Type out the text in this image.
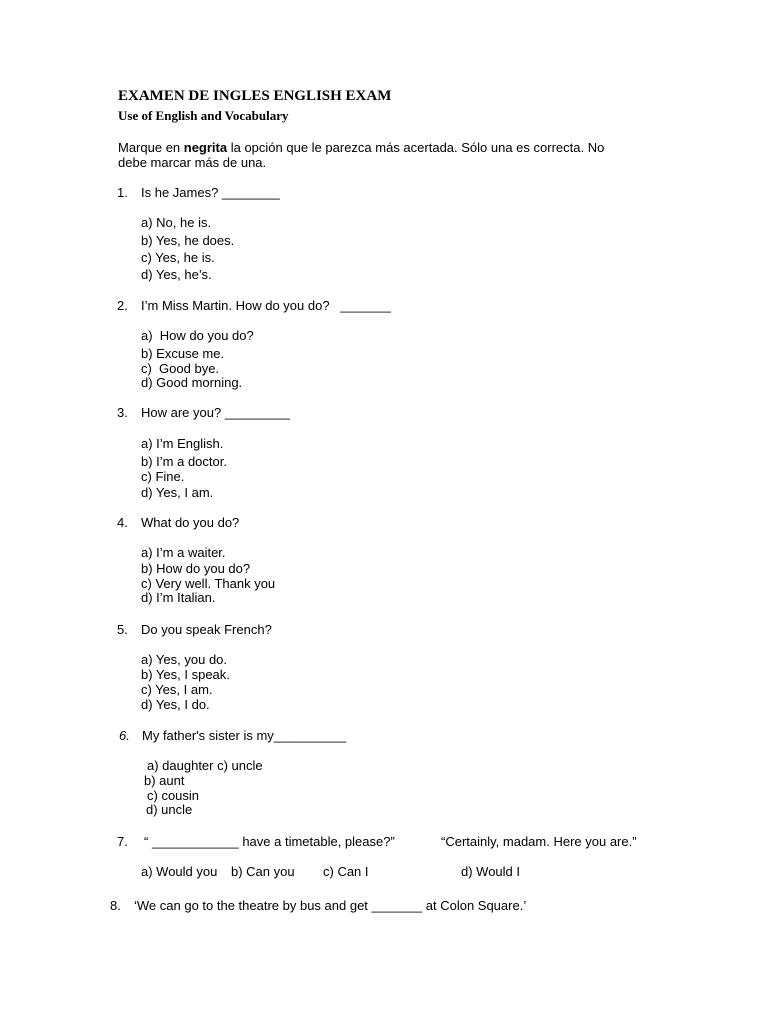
EXAMEN DE INGLES ENGLISH EXAM
Use of English and Vocabulary
Marque en negrita la opción que le parezca más acertada. Sólo una es correcta. No
debe marcar más de una.
1. Is he James? ________
a) No, he is.
b) Yes, he does.
c) Yes, he is.
d) Yes, he’s.
2. I’m Miss Martin. How do you do?   _______
a)  How do you do?
b) Excuse me.
c)  Good bye.
d) Good morning.
3. How are you? _________
a) I’m English.
b) I’m a doctor.
c) Fine.
d) Yes, I am.
4. What do you do?
a) I’m a waiter.
b) How do you do?
c) Very well. Thank you
d) I’m Italian.
5. Do you speak French?
a) Yes, you do.
b) Yes, I speak.
c) Yes, I am.
d) Yes, I do.
6. My father's sister is my__________
a) daughter c) uncle
b) aunt
c) cousin
d) uncle
7. “ ____________ have a timetable, please?”	“Certainly, madam. Here you are.”
a) Would you b) Can you c) Can I	d) Would I
8. ‘We can go to the theatre by bus and get _______ at Colon Square.’
